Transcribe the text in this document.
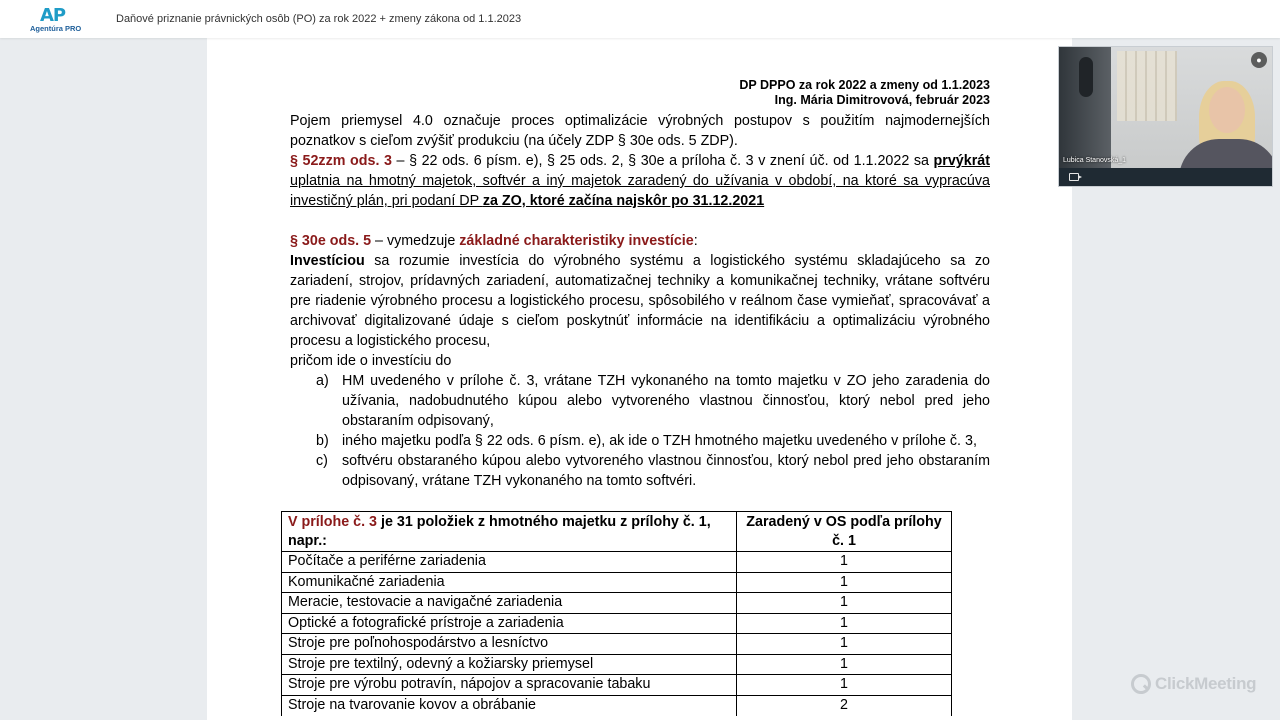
AP
Agentúra PRO
Daňové priznanie právnických osôb (PO) za rok 2022 + zmeny zákona od 1.1.2023
DP DPPO za rok 2022 a zmeny od 1.1.2023
Ing. Mária Dimitrovová, február 2023

Pojem priemysel 4.0 označuje proces optimalizácie výrobných postupov s použitím najmodernejších poznatkov s cieľom zvýšiť produkciu (na účely ZDP § 30e ods. 5 ZDP).

§ 52zzm ods. 3 – § 22 ods. 6 písm. e), § 25 ods. 2, § 30e a príloha č. 3 v znení úč. od 1.1.2022 sa prvýkrát uplatnia na hmotný majetok, softvér a iný majetok zaradený do užívania v období, na ktoré sa vypracúva investičný plán, pri podaní DP za ZO, ktoré začína najskôr po 31.12.2021

§ 30e ods. 5 – vymedzuje základné charakteristiky investície:

Investíciou sa rozumie investícia do výrobného systému a logistického systému skladajúceho sa zo zariadení, strojov, prídavných zariadení, automatizačnej techniky a komunikačnej techniky, vrátane softvéru pre riadenie výrobného procesu a logistického procesu, spôsobilého v reálnom čase vymieňať, spracovávať a archivovať digitalizované údaje s cieľom poskytnúť informácie na identifikáciu a optimalizáciu výrobného procesu a logistického procesu,

pričom ide o investíciu do

a) HM uvedeného v prílohe č. 3, vrátane TZH vykonaného na tomto majetku v ZO jeho zaradenia do užívania, nadobudnutého kúpou alebo vytvoreného vlastnou činnosťou, ktorý nebol pred jeho obstaraním odpisovaný,
b) iného majetku podľa § 22 ods. 6 písm. e), ak ide o TZH hmotného majetku uvedeného v prílohe č. 3,
c) softvéru obstaraného kúpou alebo vytvoreného vlastnou činnosťou, ktorý nebol pred jeho obstaraním odpisovaný, vrátane TZH vykonaného na tomto softvéri.
V prílohe č. 3 je 31 položiek z hmotného majetku z prílohy č. 1, napr.:	Zaradený v OS podľa prílohy č. 1
Počítače a periférne zariadenia	1
Komunikačné zariadenia	1
Meracie, testovacie a navigačné zariadenia	1
Optické a fotografické prístroje a zariadenia	1
Stroje pre poľnohospodárstvo a lesníctvo	1
Stroje pre textilný, odevný a kožiarsky priemysel	1
Stroje pre výrobu potravín, nápojov a spracovanie tabaku	1
Stroje na tvarovanie kovov a obrábanie	2
●
Lubica Stanovská_1
ClickMeeting
